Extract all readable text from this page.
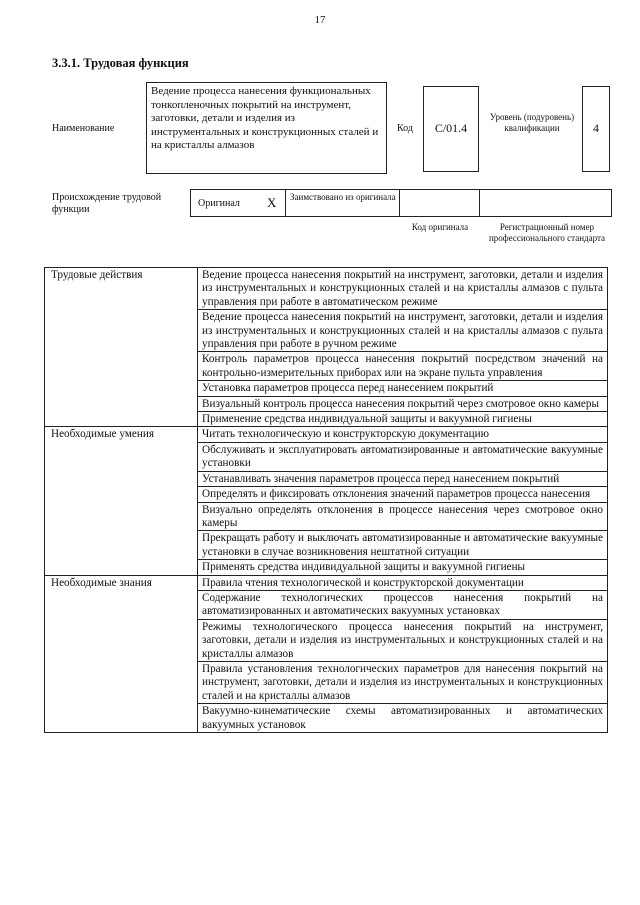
17
3.3.1. Трудовая функция
Наименование
Ведение процесса нанесения функциональных тонкопленочных покрытий на инструмент, заготовки, детали и изделия из инструментальных и конструкционных сталей и на кристаллы алмазов
Код	C/01.4
Уровень (подуровень) квалификации	4
Происхождение трудовой функции
Оригинал X Заимствовано из оригинала
Код оригинала	Регистрационный номер профессионального стандарта
Трудовые действия	Ведение процесса нанесения покрытий на инструмент, заготовки, детали и изделия из инструментальных и конструкционных сталей и на кристаллы алмазов с пульта управления при работе в автоматическом режиме
	Ведение процесса нанесения покрытий на инструмент, заготовки, детали и изделия из инструментальных и конструкционных сталей и на кристаллы алмазов с пульта управления при работе в ручном режиме
	Контроль параметров процесса нанесения покрытий посредством значений на контрольно-измерительных приборах или на экране пульта управления
	Установка параметров процесса перед нанесением покрытий
	Визуальный контроль процесса нанесения покрытий через смотровое окно камеры
	Применение средства индивидуальной защиты и вакуумной гигиены
Необходимые умения	Читать технологическую и конструкторскую документацию
	Обслуживать и эксплуатировать автоматизированные и автоматические вакуумные установки
	Устанавливать значения параметров процесса перед нанесением покрытий
	Определять и фиксировать отклонения значений параметров процесса нанесения
	Визуально определять отклонения в процессе нанесения через смотровое окно камеры
	Прекращать работу и выключать автоматизированные и автоматические вакуумные установки в случае возникновения нештатной ситуации
	Применять средства индивидуальной защиты и вакуумной гигиены
Необходимые знания	Правила чтения технологической и конструкторской документации
	Содержание технологических процессов нанесения покрытий на автоматизированных и автоматических вакуумных установках
	Режимы технологического процесса нанесения покрытий на инструмент, заготовки, детали и изделия из инструментальных и конструкционных сталей и на кристаллы алмазов
	Правила установления технологических параметров для нанесения покрытий на инструмент, заготовки, детали и изделия из инструментальных и конструкционных сталей и на кристаллы алмазов
	Вакуумно-кинематические схемы автоматизированных и автоматических вакуумных установок
